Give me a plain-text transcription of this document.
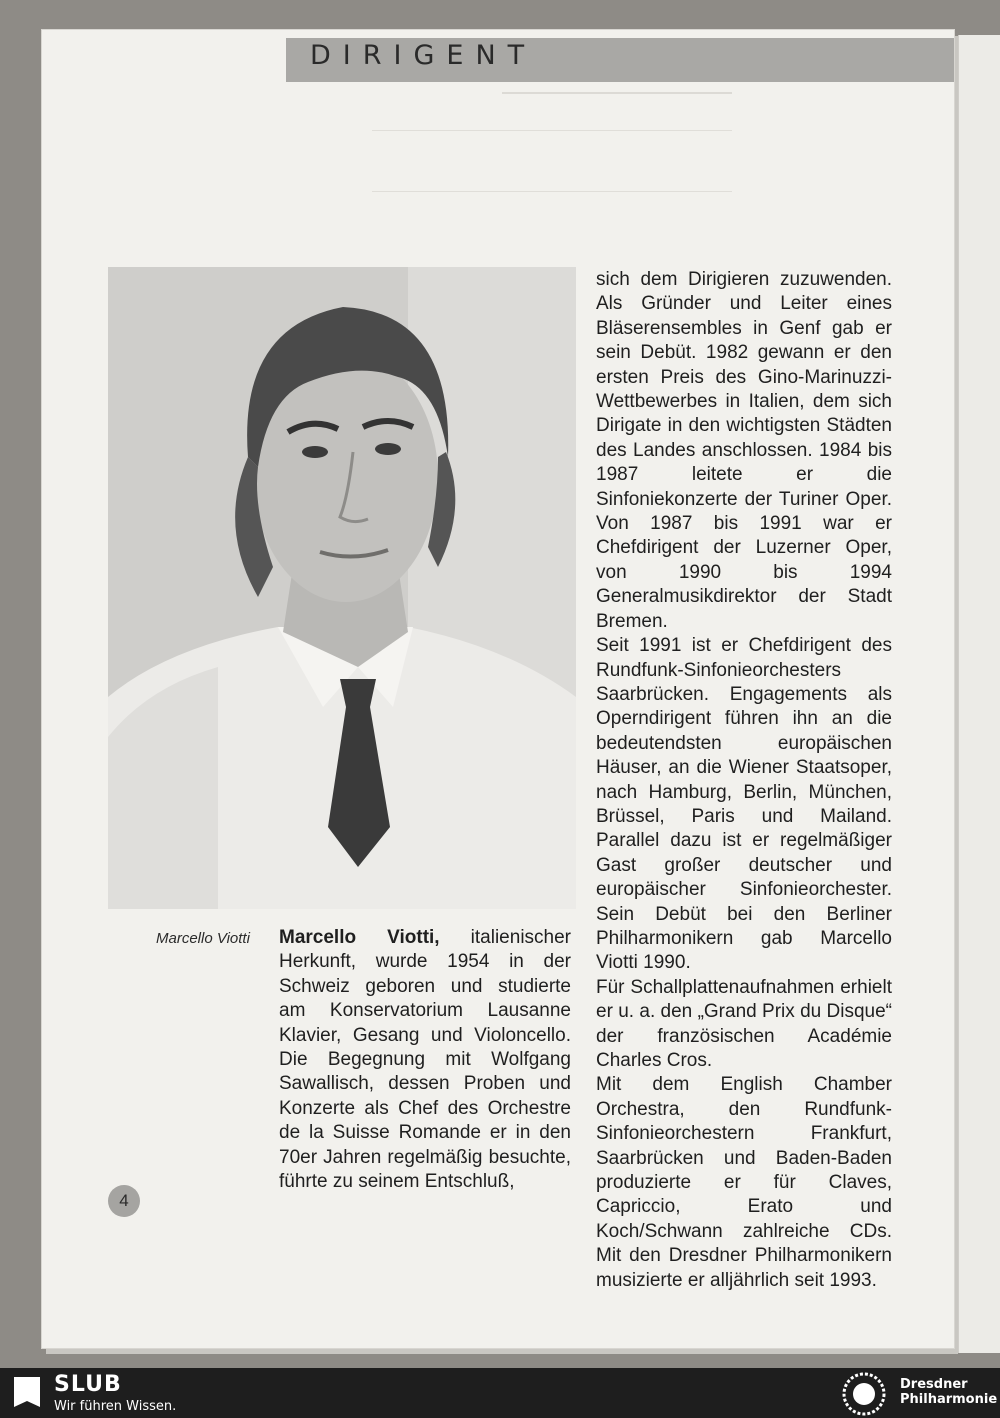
DIRIGENT
Marcello Viotti Marcello Viotti, italienischer Herkunft, wurde 1954 in der Schweiz geboren und studierte am Konservatorium Lausanne Klavier, Gesang und Violoncello. Die Begegnung mit Wolfgang Sawallisch, dessen Proben und Konzerte als Chef des Orchestre de la Suisse Romande er in den 70er Jahren regelmäßig besuchte, führte zu seinem Entschluß,

sich dem Dirigieren zuzuwenden. Als Gründer und Leiter eines Bläserensembles in Genf gab er sein Debüt. 1982 gewann er den ersten Preis des Gino-Marinuzzi-Wettbewerbes in Italien, dem sich Dirigate in den wichtigsten Städten des Landes anschlossen. 1984 bis 1987 leitete er die Sinfoniekonzerte der Turiner Oper. Von 1987 bis 1991 war er Chefdirigent der Luzerner Oper, von 1990 bis 1994 Generalmusikdirektor der Stadt Bremen.

Seit 1991 ist er Chefdirigent des Rundfunk-Sinfonieorchesters Saarbrücken. Engagements als Operndirigent führen ihn an die bedeutendsten europäischen Häuser, an die Wiener Staatsoper, nach Hamburg, Berlin, München, Brüssel, Paris und Mailand. Parallel dazu ist er regelmäßiger Gast großer deutscher und europäischer Sinfonieorchester. Sein Debüt bei den Berliner Philharmonikern gab Marcello Viotti 1990.

Für Schallplattenaufnahmen erhielt er u. a. den „Grand Prix du Disque“ der französischen Académie Charles Cros.

Mit dem English Chamber Orchestra, den Rundfunk-Sinfonieorchestern Frankfurt, Saarbrücken und Baden-Baden produzierte er für Claves, Capriccio, Erato und Koch/Schwann zahlreiche CDs. Mit den Dresdner Philharmonikern musizierte er alljährlich seit 1993.

4
SLUB
Wir führen Wissen.
Dresdner
Philharmonie
